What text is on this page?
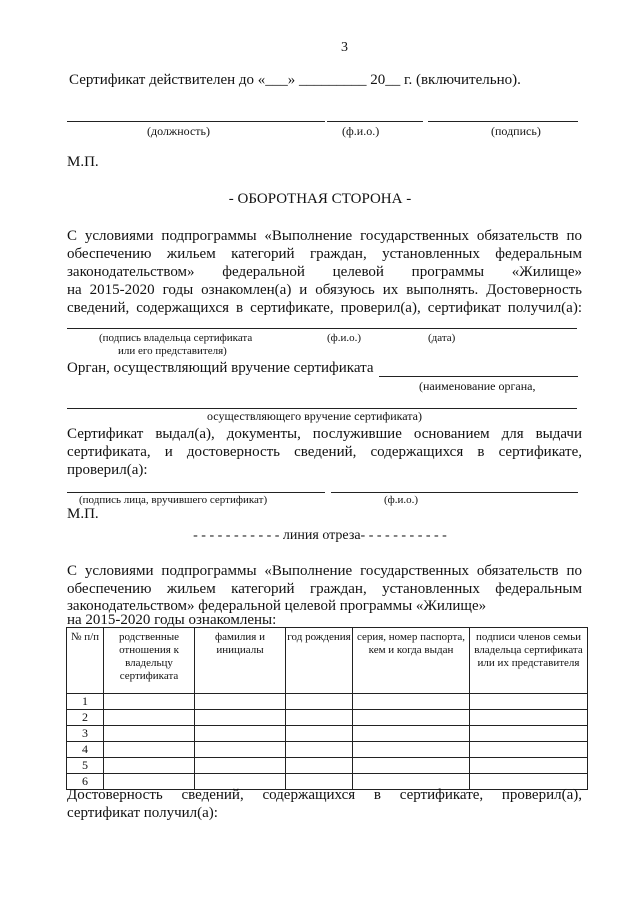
3
Сертификат действителен до «___» _________ 20__ г. (включительно).
(должность)	(ф.и.о.)	(подпись)
М.П.
- ОБОРОТНАЯ СТОРОНА -
С условиями подпрограммы «Выполнение государственных обязательств по
обеспечению жильем категорий граждан, установленных федеральным
законодательством» федеральной целевой программы «Жилище»
на 2015-2020 годы ознакомлен(а) и обязуюсь их выполнять. Достоверность
сведений, содержащихся в сертификате, проверил(а), сертификат получил(а):
(подпись владельца сертификата
или его представителя)
(ф.и.о.)	(дата)
Орган, осуществляющий вручение сертификата
(наименование органа,
осуществляющего вручение сертификата)
Сертификат выдал(а), документы, послужившие основанием для выдачи
сертификата, и достоверность сведений, содержащихся в сертификате,
проверил(а):
(подпись лица, вручившего сертификат)	(ф.и.о.)
М.П.
- - - - - - - - - - - линия отреза- - - - - - - - - - -
С условиями подпрограммы «Выполнение государственных обязательств по
обеспечению жильем категорий граждан, установленных федеральным
законодательством» федеральной целевой программы «Жилище»
на 2015-2020 годы ознакомлены:
№ п/п	родственные отношения к владельцу сертификата	фамилия и инициалы	год рождения	серия, номер паспорта, кем и когда выдан	подписи членов семьи владельца сертификата или их представителя
1					
2					
3					
4					
5					
6					
Достоверность сведений, содержащихся в сертификате, проверил(а),
сертификат получил(а):
